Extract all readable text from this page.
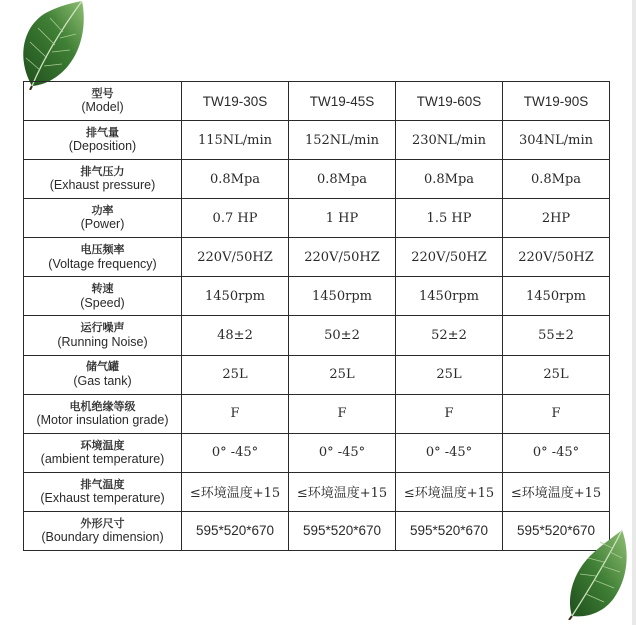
型号
(Model)	TW19-30S	TW19-45S	TW19-60S	TW19-90S

排气量
(Deposition)	115NL/min	152NL/min	230NL/min	304NL/min

排气压力
(Exhaust pressure)	0.8Mpa	0.8Mpa	0.8Mpa	0.8Mpa

功率
(Power)	0.7 HP	1 HP	1.5 HP	2HP

电压频率
(Voltage frequency)	220V/50HZ	220V/50HZ	220V/50HZ	220V/50HZ

转速
(Speed)	1450rpm	1450rpm	1450rpm	1450rpm

运行噪声
(Running Noise)	48±2	50±2	52±2	55±2

储气罐
(Gas tank)	25L	25L	25L	25L

电机绝缘等级
(Motor insulation grade)	F	F	F	F

环境温度
(ambient temperature)	0° -45°	0° -45°	0° -45°	0° -45°

排气温度
(Exhaust temperature)	≤环境温度+15	≤环境温度+15	≤环境温度+15	≤环境温度+15

外形尺寸
(Boundary dimension)	595*520*670	595*520*670	595*520*670	595*520*670
